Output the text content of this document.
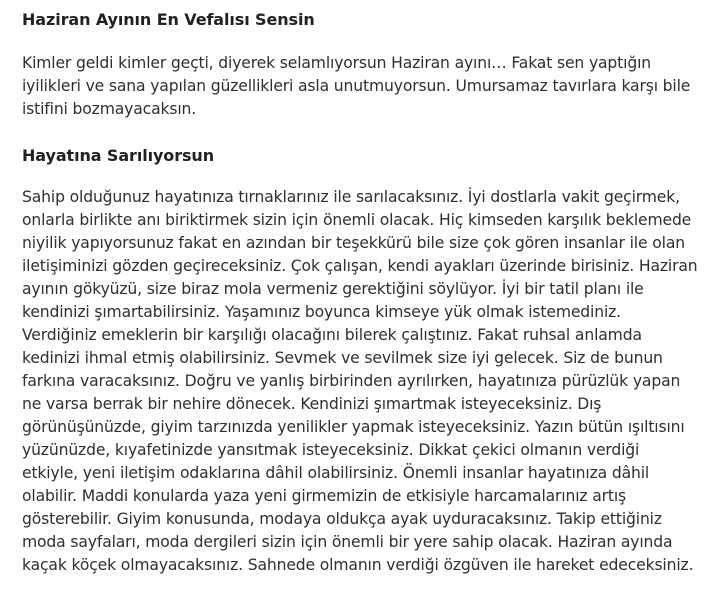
Haziran Ayının En Vefalısı Sensin

Kimler geldi kimler geçti, diyerek selamlıyorsun Haziran ayını… Fakat sen yaptığın iyilikleri ve sana yapılan güzellikleri asla unutmuyorsun. Umursamaz tavırlara karşı bile istifini bozmayacaksın.

Hayatına Sarılıyorsun

Sahip olduğunuz hayatınıza tırnaklarınız ile sarılacaksınız. İyi dostlarla vakit geçirmek, onlarla birlikte anı biriktirmek sizin için önemli olacak. Hiç kimseden karşılık beklemede niyilik yapıyorsunuz fakat en azından bir teşekkürü bile size çok gören insanlar ile olan iletişiminizi gözden geçireceksiniz. Çok çalışan, kendi ayakları üzerinde birisiniz. Haziran ayının gökyüzü, size biraz mola vermeniz gerektiğini söylüyor. İyi bir tatil planı ile kendinizi şımartabilirsiniz. Yaşamınız boyunca kimseye yük olmak istemediniz. Verdiğiniz emeklerin bir karşılığı olacağını bilerek çalıştınız. Fakat ruhsal anlamda kedinizi ihmal etmiş olabilirsiniz. Sevmek ve sevilmek size iyi gelecek. Siz de bunun farkına varacaksınız. Doğru ve yanlış birbirinden ayrılırken, hayatınıza pürüzlük yapan ne varsa berrak bir nehire dönecek. Kendinizi şımartmak isteyeceksiniz. Dış görünüşünüzde, giyim tarzınızda yenilikler yapmak isteyeceksiniz. Yazın bütün ışıltısını yüzünüzde, kıyafetinizde yansıtmak isteyeceksiniz. Dikkat çekici olmanın verdiği etkiyle, yeni iletişim odaklarına dâhil olabilirsiniz. Önemli insanlar hayatınıza dâhil olabilir. Maddi konularda yaza yeni girmemizin de etkisiyle harcamalarınız artış gösterebilir. Giyim konusunda, modaya oldukça ayak uyduracaksınız. Takip ettiğiniz moda sayfaları, moda dergileri sizin için önemli bir yere sahip olacak. Haziran ayında kaçak köçek olmayacaksınız. Sahnede olmanın verdiği özgüven ile hareket edeceksiniz.
